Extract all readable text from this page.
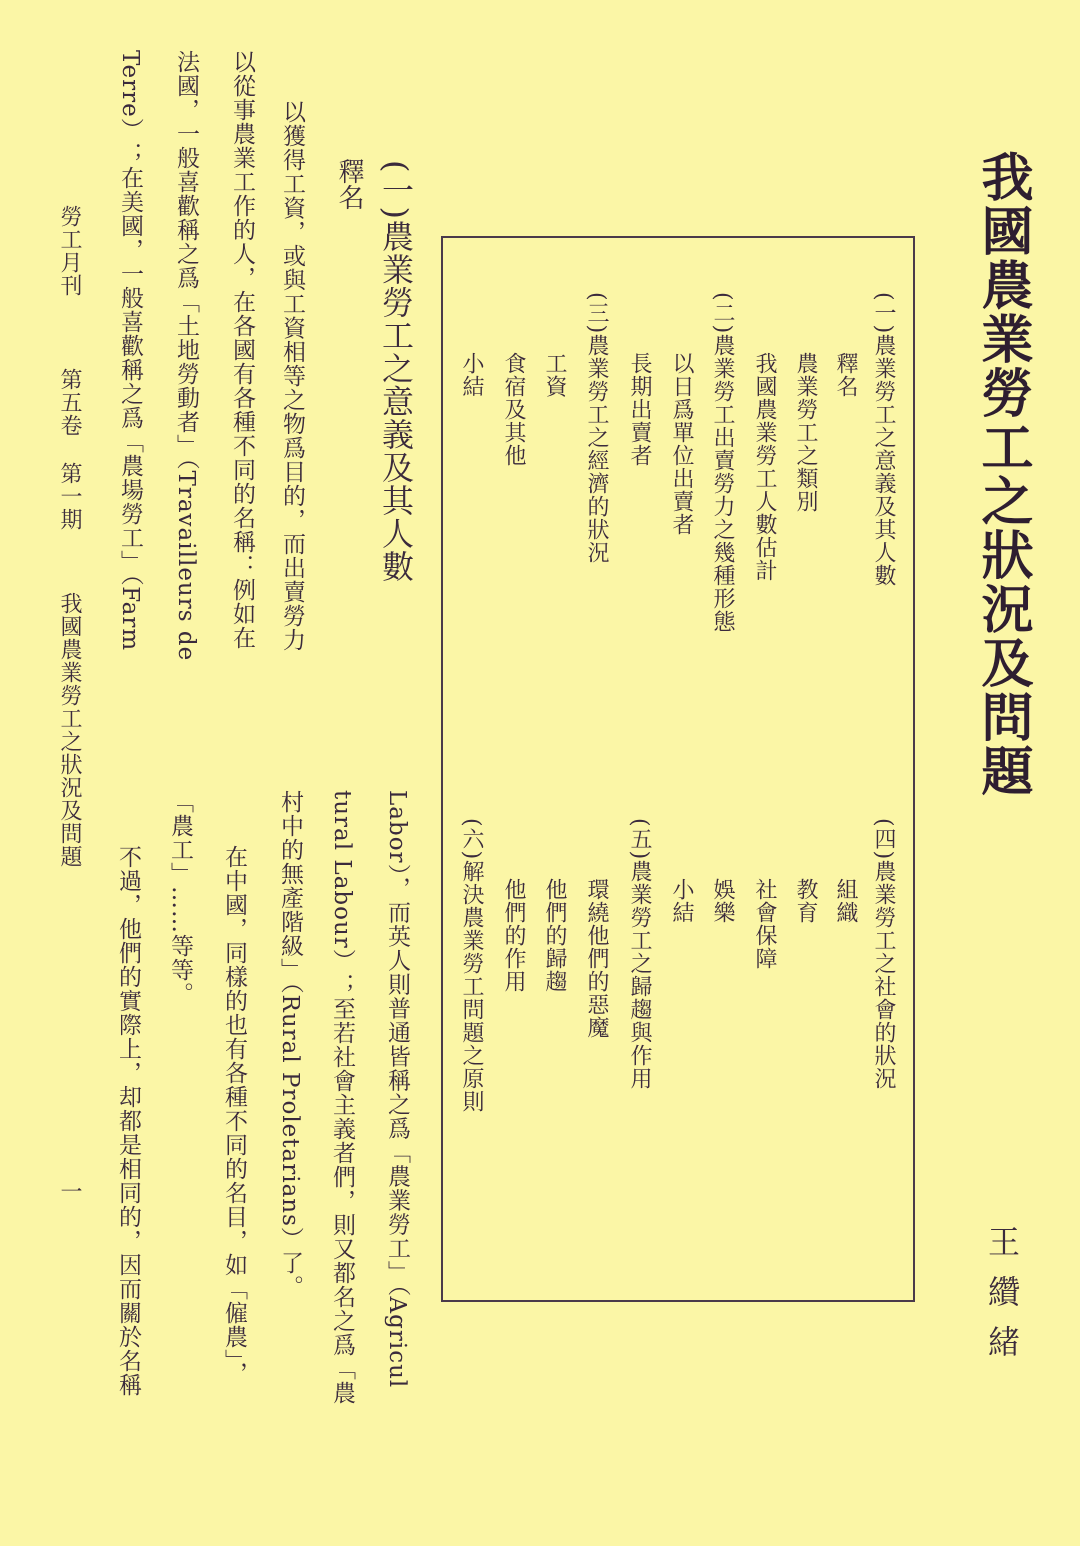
我國農業勞工之狀況及問題
王纘緒
(一)農業勞工之意義及其人數
釋名
農業勞工之類別
我國農業勞工人數估計
(二)農業勞工出賣勞力之幾種形態
以日爲單位出賣者
長期出賣者
(三)農業勞工之經濟的狀況
工資
食宿及其他
小結
(四)農業勞工之社會的狀況
組織
教育
社會保障
娛樂
小結
(五)農業勞工之歸趨與作用
環繞他們的惡魔
他們的歸趨
他們的作用
(六)解決農業勞工問題之原則
(一)農業勞工之意義及其人數
釋名
以獲得工資，或與工資相等之物爲目的，而出賣勞力
以從事農業工作的人，在各國有各種不同的名稱：例如在
法國，一般喜歡稱之爲「土地勞動者」（Travailleurs de
Terre）；在美國，一般喜歡稱之爲「農場勞工」（Farm
Labor），而英人則普通皆稱之爲「農業勞工」（Agricul
tural Labour）；至若社會主義者們，則又都名之爲「農
村中的無產階級」（Rural Proletarians）了。
在中國，同樣的也有各種不同的名目，如「僱農」，
「農工」……等等。
不過，他們的實際上，却都是相同的，因而關於名稱
勞工月刊
第五卷
第一期
我國農業勞工之狀況及問題
一
